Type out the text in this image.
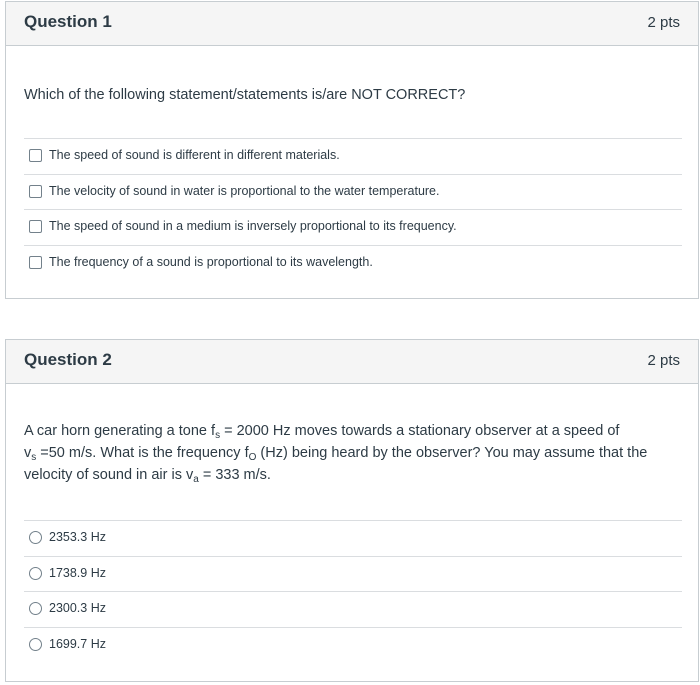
Question 1	2 pts
Which of the following statement/statements is/are NOT CORRECT?
The speed of sound is different in different materials.
The velocity of sound in water is proportional to the water temperature.
The speed of sound in a medium is inversely proportional to its frequency.
The frequency of a sound is proportional to its wavelength.
Question 2	2 pts
A car horn generating a tone $f_s = 2000$ Hz moves towards a stationary observer at a speed of
$v_s =50$ m/s. What is the frequency $f_O$ (Hz) being heard by the observer? You may assume that the
velocity of sound in air is $v_a = 333$ m/s.
2353.3 Hz
1738.9 Hz
2300.3 Hz
1699.7 Hz
